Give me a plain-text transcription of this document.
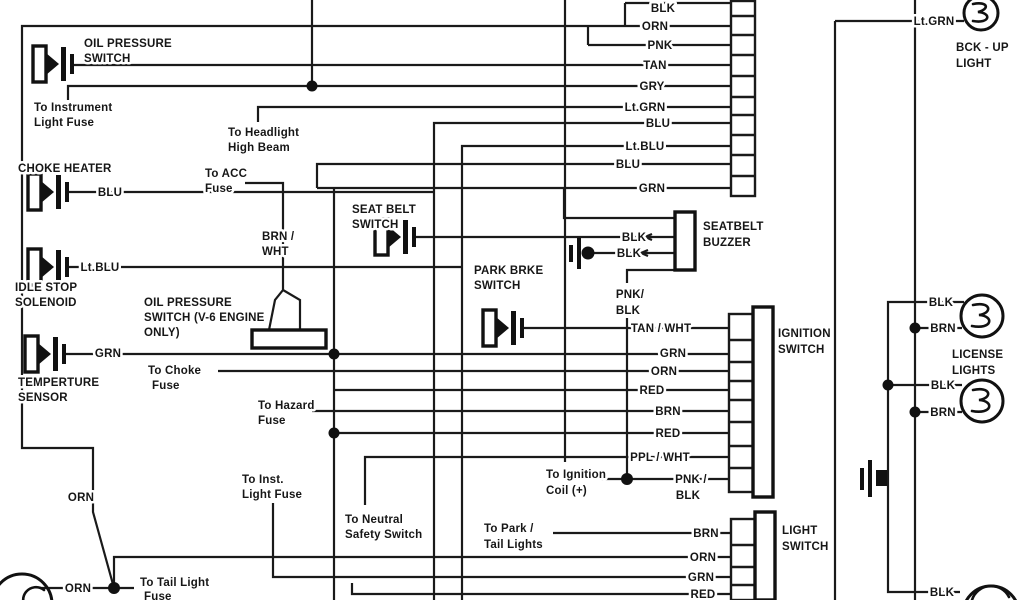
OIL PRESSURE
SWITCH
To Instrument
Light Fuse
To Headlight
High Beam
CHOKE HEATER	To ACC
Fuse
BRN /
WHT
IDLE STOP
SOLENOID	OIL PRESSURE
SWITCH (V-6 ENGINE
ONLY)
TEMPERTURE
SENSOR
To Choke
Fuse
To Hazard
Fuse
To Inst.
Light Fuse
To Neutral
Safety Switch
To Tail Light
Fuse
SEAT BELT
SWITCH
PARK BRKE
SWITCH
SEATBELT
BUZZER
IGNITION
SWITCH
LIGHT
SWITCH
To Park /
Tail Lights
To Ignition
Coil (+)
BCK - UP
LIGHT
LICENSE
LIGHTS
BLK
ORN
PNK
TAN
GRY
Lt.GRN
BLU
Lt.BLU
BLU
GRN
BLU
Lt.BLU
GRN
ORN
ORN
BLK
BLK
PNK/
BLK
TAN / WHT
GRN
ORN
RED
BRN
RED
PPL / WHT
PNK /
BLK
BRN
ORN
GRN
RED
Lt.GRN
BLK
BRN
BLK
BRN
BLK
